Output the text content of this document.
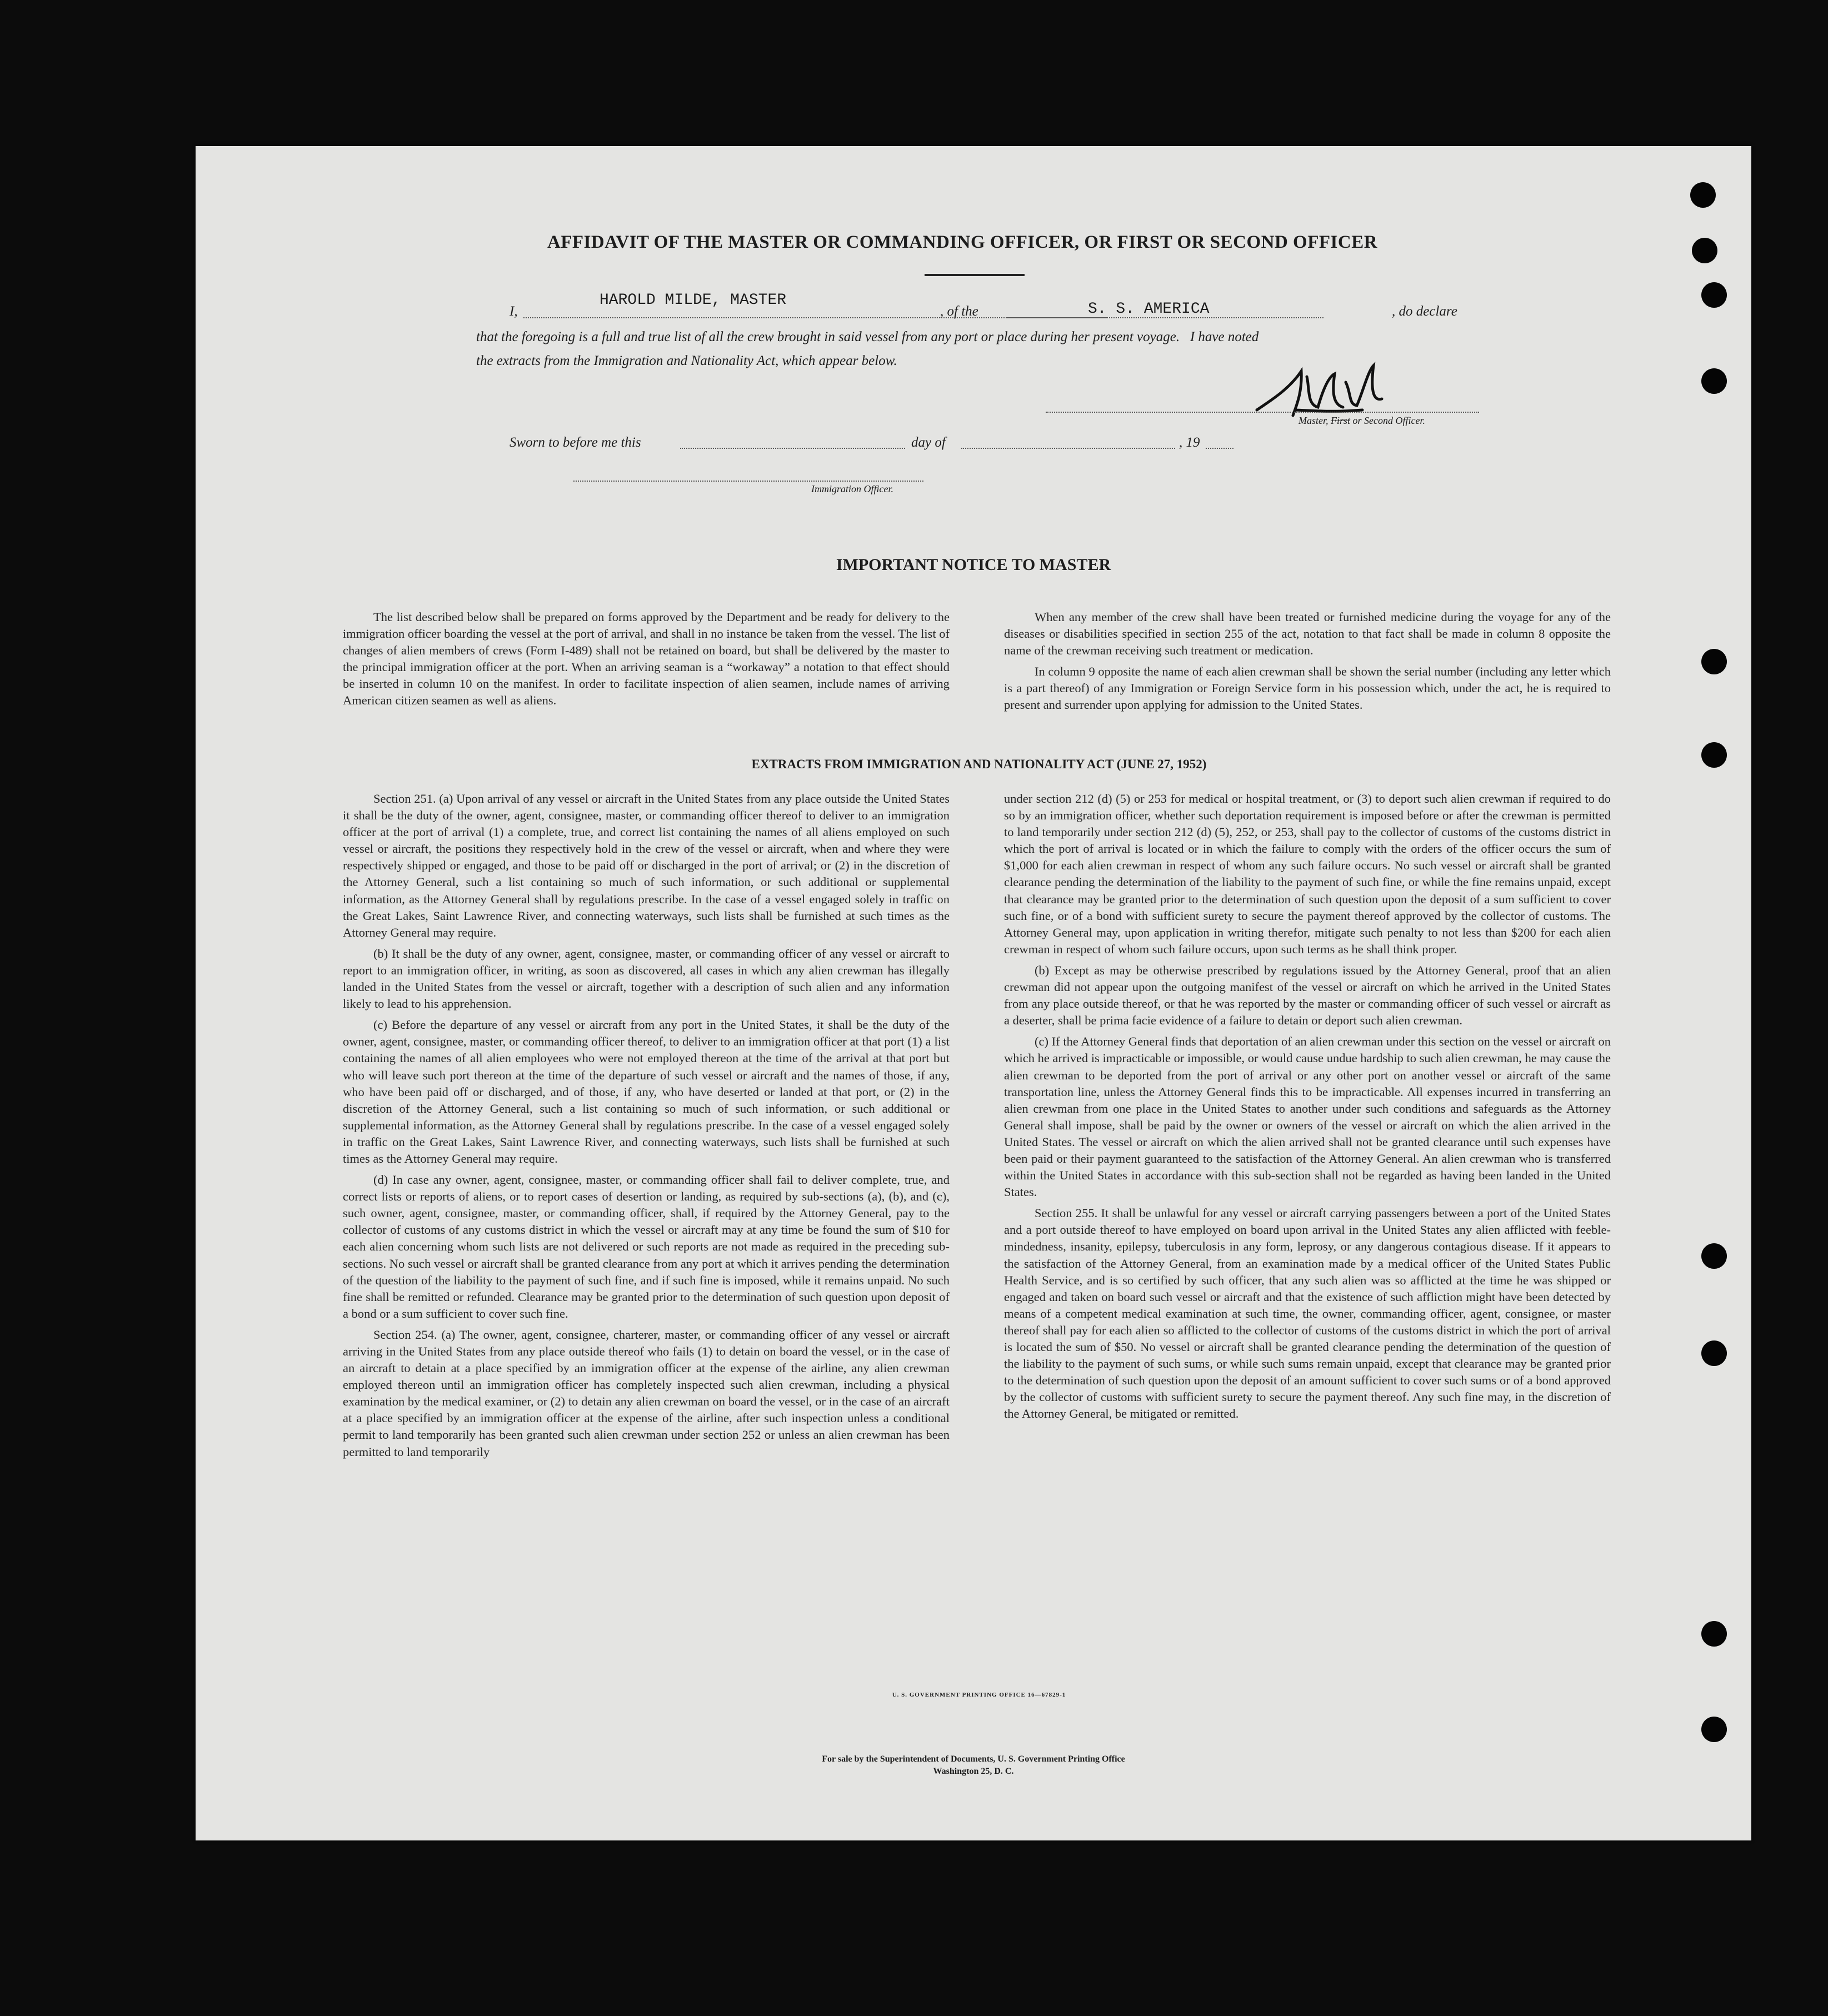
AFFIDAVIT OF THE MASTER OR COMMANDING OFFICER, OR FIRST OR SECOND OFFICER
I,
HAROLD MILDE, MASTER
, of the	S. S. AMERICA	, do declare
that the foregoing is a full and true list of all the crew brought in said vessel from any port or place during her present voyage.   I have noted
the extracts from the Immigration and Nationality Act, which appear below.
Master, First or Second Officer.
Sworn to before me this	day of	, 19
Immigration Officer.
IMPORTANT NOTICE TO MASTER

The list described below shall be prepared on forms approved by the Department and be ready for delivery to the immigration officer boarding the vessel at the port of arrival, and shall in no instance be taken from the vessel. The list of changes of alien members of crews (Form I-489) shall not be retained on board, but shall be delivered by the master to the principal immigration officer at the port. When an arriving seaman is a “workaway” a notation to that effect should be inserted in column 10 on the manifest. In order to facilitate inspection of alien seamen, include names of arriving American citizen seamen as well as aliens.

When any member of the crew shall have been treated or furnished medicine during the voyage for any of the diseases or disabilities specified in section 255 of the act, notation to that fact shall be made in column 8 opposite the name of the crewman receiving such treatment or medication.

In column 9 opposite the name of each alien crewman shall be shown the serial number (including any letter which is a part thereof) of any Immigration or Foreign Service form in his possession which, under the act, he is required to present and surrender upon applying for admission to the United States.

EXTRACTS FROM IMMIGRATION AND NATIONALITY ACT (JUNE 27, 1952)

Section 251. (a) Upon arrival of any vessel or aircraft in the United States from any place outside the United States it shall be the duty of the owner, agent, consignee, master, or commanding officer thereof to deliver to an immigration officer at the port of arrival (1) a complete, true, and correct list containing the names of all aliens employed on such vessel or aircraft, the positions they respectively hold in the crew of the vessel or aircraft, when and where they were respectively shipped or engaged, and those to be paid off or discharged in the port of arrival; or (2) in the discretion of the Attorney General, such a list containing so much of such information, or such additional or supplemental information, as the Attorney General shall by regulations prescribe. In the case of a vessel engaged solely in traffic on the Great Lakes, Saint Lawrence River, and connecting waterways, such lists shall be furnished at such times as the Attorney General may require.

(b) It shall be the duty of any owner, agent, consignee, master, or commanding officer of any vessel or aircraft to report to an immigration officer, in writing, as soon as discovered, all cases in which any alien crewman has illegally landed in the United States from the vessel or aircraft, together with a description of such alien and any information likely to lead to his apprehension.

(c) Before the departure of any vessel or aircraft from any port in the United States, it shall be the duty of the owner, agent, consignee, master, or commanding officer thereof, to deliver to an immigration officer at that port (1) a list containing the names of all alien employees who were not employed thereon at the time of the arrival at that port but who will leave such port thereon at the time of the departure of such vessel or aircraft and the names of those, if any, who have been paid off or discharged, and of those, if any, who have deserted or landed at that port, or (2) in the discretion of the Attorney General, such a list containing so much of such information, or such additional or supplemental information, as the Attorney General shall by regulations prescribe. In the case of a vessel engaged solely in traffic on the Great Lakes, Saint Lawrence River, and connecting waterways, such lists shall be furnished at such times as the Attorney General may require.

(d) In case any owner, agent, consignee, master, or commanding officer shall fail to deliver complete, true, and correct lists or reports of aliens, or to report cases of desertion or landing, as required by sub-sections (a), (b), and (c), such owner, agent, consignee, master, or commanding officer, shall, if required by the Attorney General, pay to the collector of customs of any customs district in which the vessel or aircraft may at any time be found the sum of $10 for each alien concerning whom such lists are not delivered or such reports are not made as required in the preceding sub-sections. No such vessel or aircraft shall be granted clearance from any port at which it arrives pending the determination of the question of the liability to the payment of such fine, and if such fine is imposed, while it remains unpaid. No such fine shall be remitted or refunded. Clearance may be granted prior to the determination of such question upon deposit of a bond or a sum sufficient to cover such fine.

Section 254. (a) The owner, agent, consignee, charterer, master, or commanding officer of any vessel or aircraft arriving in the United States from any place outside thereof who fails (1) to detain on board the vessel, or in the case of an aircraft to detain at a place specified by an immigration officer at the expense of the airline, any alien crewman employed thereon until an immigration officer has completely inspected such alien crewman, including a physical examination by the medical examiner, or (2) to detain any alien crewman on board the vessel, or in the case of an aircraft at a place specified by an immigration officer at the expense of the airline, after such inspection unless a conditional permit to land temporarily has been granted such alien crewman under section 252 or unless an alien crewman has been permitted to land temporarily

under section 212 (d) (5) or 253 for medical or hospital treatment, or (3) to deport such alien crewman if required to do so by an immigration officer, whether such deportation requirement is imposed before or after the crewman is permitted to land temporarily under section 212 (d) (5), 252, or 253, shall pay to the collector of customs of the customs district in which the port of arrival is located or in which the failure to comply with the orders of the officer occurs the sum of $1,000 for each alien crewman in respect of whom any such failure occurs. No such vessel or aircraft shall be granted clearance pending the determination of the liability to the payment of such fine, or while the fine remains unpaid, except that clearance may be granted prior to the determination of such question upon the deposit of a sum sufficient to cover such fine, or of a bond with sufficient surety to secure the payment thereof approved by the collector of customs. The Attorney General may, upon application in writing therefor, mitigate such penalty to not less than $200 for each alien crewman in respect of whom such failure occurs, upon such terms as he shall think proper.

(b) Except as may be otherwise prescribed by regulations issued by the Attorney General, proof that an alien crewman did not appear upon the outgoing manifest of the vessel or aircraft on which he arrived in the United States from any place outside thereof, or that he was reported by the master or commanding officer of such vessel or aircraft as a deserter, shall be prima facie evidence of a failure to detain or deport such alien crewman.

(c) If the Attorney General finds that deportation of an alien crewman under this section on the vessel or aircraft on which he arrived is impracticable or impossible, or would cause undue hardship to such alien crewman, he may cause the alien crewman to be deported from the port of arrival or any other port on another vessel or aircraft of the same transportation line, unless the Attorney General finds this to be impracticable. All expenses incurred in transferring an alien crewman from one place in the United States to another under such conditions and safeguards as the Attorney General shall impose, shall be paid by the owner or owners of the vessel or aircraft on which the alien arrived in the United States. The vessel or aircraft on which the alien arrived shall not be granted clearance until such expenses have been paid or their payment guaranteed to the satisfaction of the Attorney General. An alien crewman who is transferred within the United States in accordance with this sub-section shall not be regarded as having been landed in the United States.

Section 255. It shall be unlawful for any vessel or aircraft carrying passengers between a port of the United States and a port outside thereof to have employed on board upon arrival in the United States any alien afflicted with feeble-mindedness, insanity, epilepsy, tuberculosis in any form, leprosy, or any dangerous contagious disease. If it appears to the satisfaction of the Attorney General, from an examination made by a medical officer of the United States Public Health Service, and is so certified by such officer, that any such alien was so afflicted at the time he was shipped or engaged and taken on board such vessel or aircraft and that the existence of such affliction might have been detected by means of a competent medical examination at such time, the owner, commanding officer, agent, consignee, or master thereof shall pay for each alien so afflicted to the collector of customs of the customs district in which the port of arrival is located the sum of $50. No vessel or aircraft shall be granted clearance pending the determination of the question of the liability to the payment of such sums, or while such sums remain unpaid, except that clearance may be granted prior to the determination of such question upon the deposit of an amount sufficient to cover such sums or of a bond approved by the collector of customs with sufficient surety to secure the payment thereof. Any such fine may, in the discretion of the Attorney General, be mitigated or remitted.

U. S. GOVERNMENT PRINTING OFFICE 16—67829-1
For sale by the Superintendent of Documents, U. S. Government Printing Office
Washington 25, D. C.
